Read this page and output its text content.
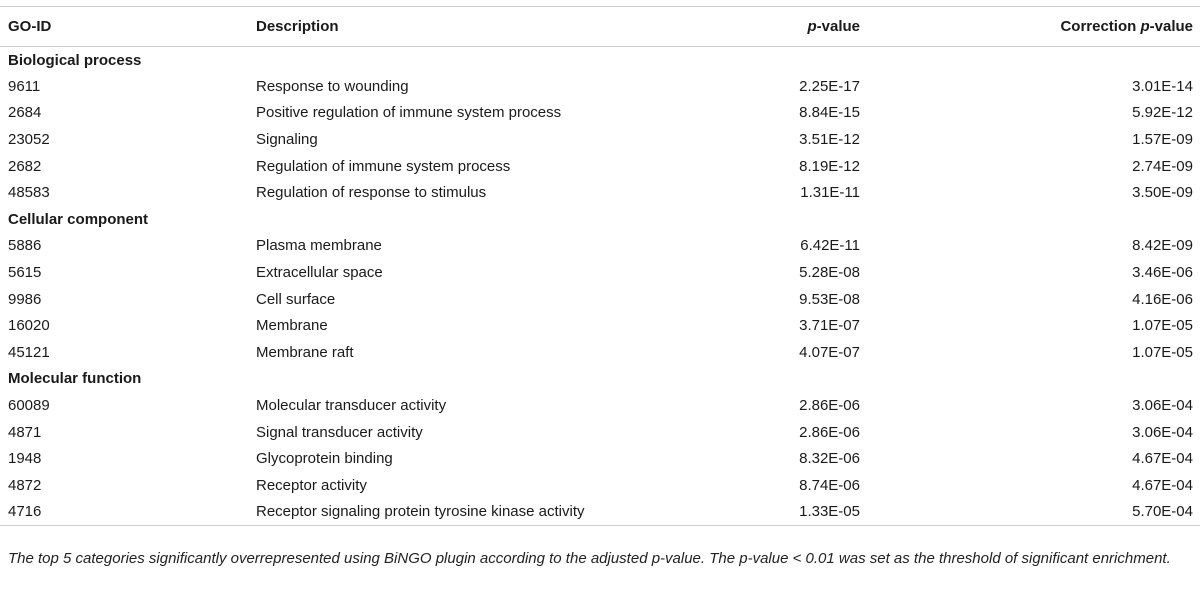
GO-ID	Description	p-value	Correction p-value
Biological process			
9611	Response to wounding	2.25E-17	3.01E-14
2684	Positive regulation of immune system process	8.84E-15	5.92E-12
23052	Signaling	3.51E-12	1.57E-09
2682	Regulation of immune system process	8.19E-12	2.74E-09
48583	Regulation of response to stimulus	1.31E-11	3.50E-09
Cellular component			
5886	Plasma membrane	6.42E-11	8.42E-09
5615	Extracellular space	5.28E-08	3.46E-06
9986	Cell surface	9.53E-08	4.16E-06
16020	Membrane	3.71E-07	1.07E-05
45121	Membrane raft	4.07E-07	1.07E-05
Molecular function			
60089	Molecular transducer activity	2.86E-06	3.06E-04
4871	Signal transducer activity	2.86E-06	3.06E-04
1948	Glycoprotein binding	8.32E-06	4.67E-04
4872	Receptor activity	8.74E-06	4.67E-04
4716	Receptor signaling protein tyrosine kinase activity	1.33E-05	5.70E-04
The top 5 categories significantly overrepresented using BiNGO plugin according to the adjusted p-value. The p-value < 0.01 was set as the threshold of significant enrichment.
